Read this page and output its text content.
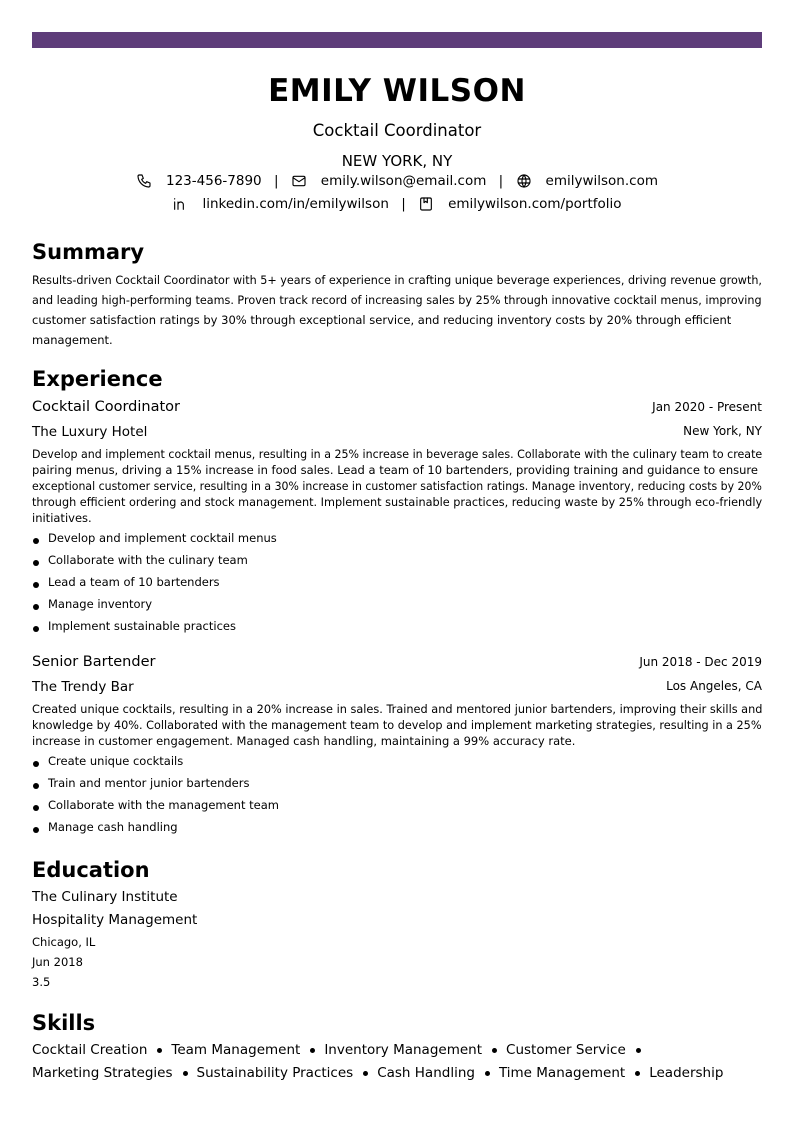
EMILY WILSON
Cocktail Coordinator
NEW YORK, NY
123-456-7890 |	emily.wilson@email.com |	emilywilson.com
linkedin.com/in/emilywilson |	emilywilson.com/portfolio
Summary
Results-driven Cocktail Coordinator with 5+ years of experience in crafting unique beverage experiences, driving revenue growth,
and leading high-performing teams. Proven track record of increasing sales by 25% through innovative cocktail menus, improving
customer satisfaction ratings by 30% through exceptional service, and reducing inventory costs by 20% through efficient
management.
Experience
Cocktail Coordinator	Jan 2020 - Present
The Luxury Hotel	New York, NY
Develop and implement cocktail menus, resulting in a 25% increase in beverage sales. Collaborate with the culinary team to create
pairing menus, driving a 15% increase in food sales. Lead a team of 10 bartenders, providing training and guidance to ensure
exceptional customer service, resulting in a 30% increase in customer satisfaction ratings. Manage inventory, reducing costs by 20%
through efficient ordering and stock management. Implement sustainable practices, reducing waste by 25% through eco-friendly
initiatives.
Develop and implement cocktail menus
Collaborate with the culinary team
Lead a team of 10 bartenders
Manage inventory
Implement sustainable practices
Senior Bartender	Jun 2018 - Dec 2019
The Trendy Bar	Los Angeles, CA
Created unique cocktails, resulting in a 20% increase in sales. Trained and mentored junior bartenders, improving their skills and
knowledge by 40%. Collaborated with the management team to develop and implement marketing strategies, resulting in a 25%
increase in customer engagement. Managed cash handling, maintaining a 99% accuracy rate.
Create unique cocktails
Train and mentor junior bartenders
Collaborate with the management team
Manage cash handling
Education
The Culinary Institute
Hospitality Management
Chicago, IL
Jun 2018
3.5
Skills
Cocktail Creation Team Management Inventory Management Customer Service
Marketing Strategies Sustainability Practices Cash Handling Time Management Leadership
